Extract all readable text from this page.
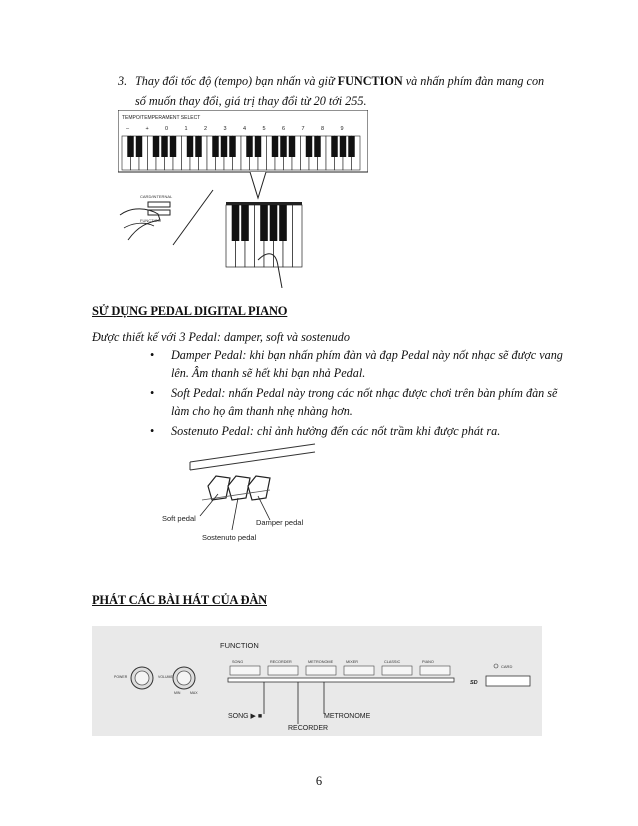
3. Thay đổi tốc độ (tempo) bạn nhấn và giữ FUNCTION và nhấn phím đàn mang con số muốn thay đổi, giá trị thay đổi từ 20 tới 255.
TEMPO/TEMPERAMENT SELECT
–	+	0	1	2	3	4	5	6	7	8	9
CARD/INTERNAL
FUNCTION
SỬ DỤNG PEDAL DIGITAL PIANO
Được thiết kế với 3 Pedal: damper, soft và sostenudo
• Damper Pedal: khi bạn nhấn phím đàn và đạp Pedal này nốt nhạc sẽ được vang lên. Âm thanh sẽ hết khi bạn nhả Pedal.
• Soft Pedal: nhấn Pedal này trong các nốt nhạc được chơi trên bàn phím đàn sẽ làm cho họ âm thanh nhẹ nhàng hơn.
• Sostenuto Pedal: chỉ ảnh hưởng đến các nốt trầm khi được phát ra.
Soft pedal
Sostenuto pedal
Damper pedal
PHÁT CÁC BÀI HÁT CỦA ĐÀN
FUNCTION
POWER	VOLUME
MIN	MAX
SONG	RECORDER	METRONOME	MIXER	CLASSIC	PIANO
SONG ▶ ■	METRONOME
RECORDER
SD
CARD
6
